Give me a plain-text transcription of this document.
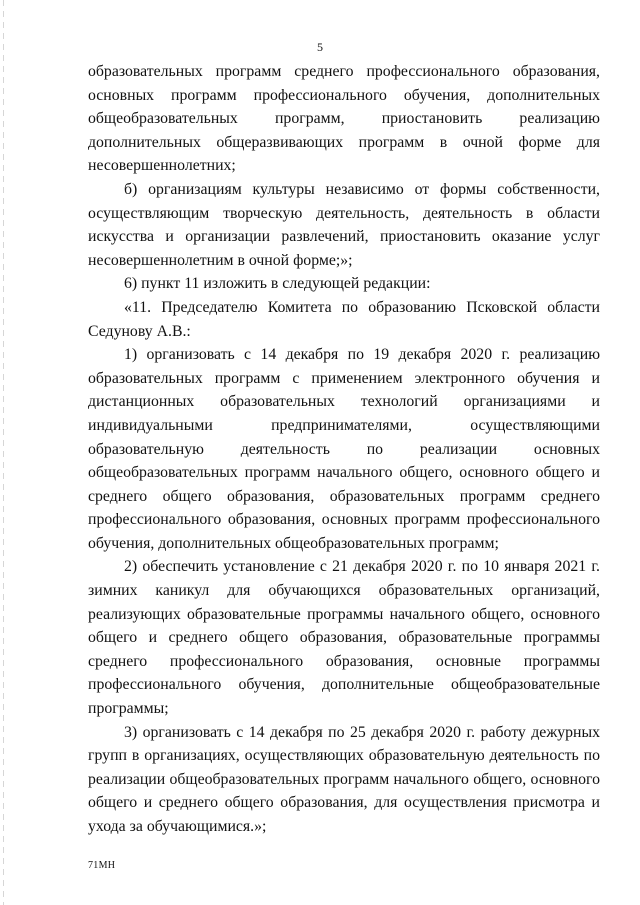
5

образовательных программ среднего профессионального образования, основных программ профессионального обучения, дополнительных общеобразовательных программ, приостановить реализацию дополнительных общеразвивающих программ в очной форме для несовершеннолетних;

б) организациям культуры независимо от формы собственности, осуществляющим творческую деятельность, деятельность в области искусства и организации развлечений, приостановить оказание услуг несовершеннолетним в очной форме;»;

6) пункт 11 изложить в следующей редакции:

«11. Председателю Комитета по образованию Псковской области Седунову А.В.:

1) организовать с 14 декабря по 19 декабря 2020 г. реализацию образовательных программ с применением электронного обучения и дистанционных образовательных технологий организациями и индивидуальными предпринимателями, осуществляющими образовательную деятельность по реализации основных общеобразовательных программ начального общего, основного общего и среднего общего образования, образовательных программ среднего профессионального образования, основных программ профессионального обучения, дополнительных общеобразовательных программ;

2) обеспечить установление с 21 декабря 2020 г. по 10 января 2021 г. зимних каникул для обучающихся образовательных организаций, реализующих образовательные программы начального общего, основного общего и среднего общего образования, образовательные программы среднего профессионального образования, основные программы профессионального обучения, дополнительные общеобразовательные программы;

3) организовать с 14 декабря по 25 декабря 2020 г. работу дежурных групп в организациях, осуществляющих образовательную деятельность по реализации общеобразовательных программ начального общего, основного общего и среднего общего образования, для осуществления присмотра и ухода за обучающимися.»;

71МН
